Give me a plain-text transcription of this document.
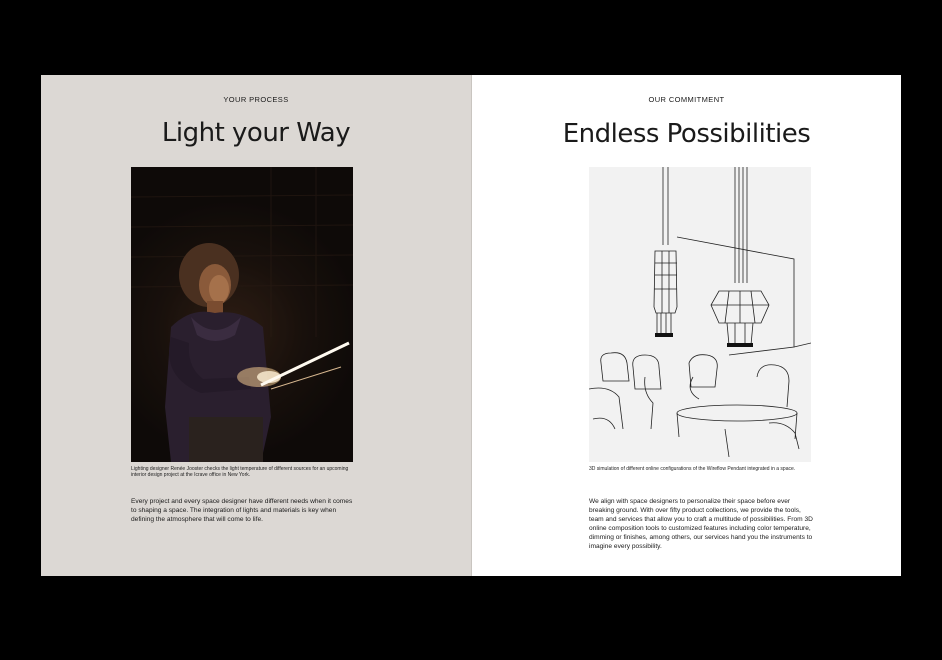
YOUR PROCESS
Light your Way
Lighting designer Renée Jooster checks the light temperature of different sources for an upcoming interior design project at the Icrave office in New York.
Every project and every space designer have different needs when it comes to shaping a space. The integration of lights and materials is key when defining the atmosphere that will come to life.
OUR COMMITMENT
Endless Possibilities
3D simulation of different online configurations of the Wireflow Pendant integrated in a space.
We align with space designers to personalize their space before ever breaking ground. With over fifty product collections, we provide the tools, team and services that allow you to craft a multitude of possibilities. From 3D online composition tools to customized features including color temperature, dimming or finishes, among others, our services hand you the instruments to imagine every possibility.
